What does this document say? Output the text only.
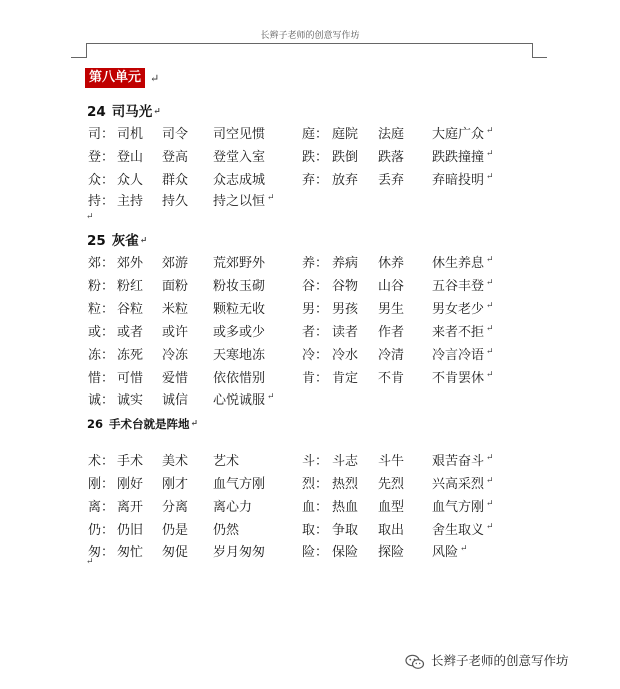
长辫子老师的创意写作坊
第八单元 ↵
24 司马光↵
25 灰雀↵
26 手术台就是阵地↵
↵
↵
司： 司机 司令 司空见惯	庭： 庭院 法庭 大庭广众 ↵
登： 登山 登高 登堂入室	跌： 跌倒 跌落 跌跌撞撞 ↵
众： 众人 群众 众志成城	弃： 放弃 丢弃 弃暗投明 ↵
持： 主持 持久 持之以恒 ↵
郊： 郊外 郊游 荒郊野外	养： 养病 休养 休生养息 ↵
粉： 粉红 面粉 粉妆玉砌	谷： 谷物 山谷 五谷丰登 ↵
粒： 谷粒 米粒 颗粒无收	男： 男孩 男生 男女老少 ↵
或： 或者 或许 或多或少	者： 读者 作者 来者不拒 ↵
冻： 冻死 冷冻 天寒地冻	冷： 冷水 冷清 冷言冷语 ↵
惜： 可惜 爱惜 依依惜别	肯： 肯定 不肯 不肯罢休 ↵
诚： 诚实 诚信 心悦诚服 ↵
术： 手术 美术 艺术	斗： 斗志 斗牛 艰苦奋斗 ↵
刚： 刚好 刚才 血气方刚	烈： 热烈 先烈 兴高采烈 ↵
离： 离开 分离 离心力	血： 热血 血型 血气方刚 ↵
仍： 仍旧 仍是 仍然	取： 争取 取出 舍生取义 ↵
匆： 匆忙 匆促 岁月匆匆	险： 保险 探险 风险 ↵
长辫子老师的创意写作坊
